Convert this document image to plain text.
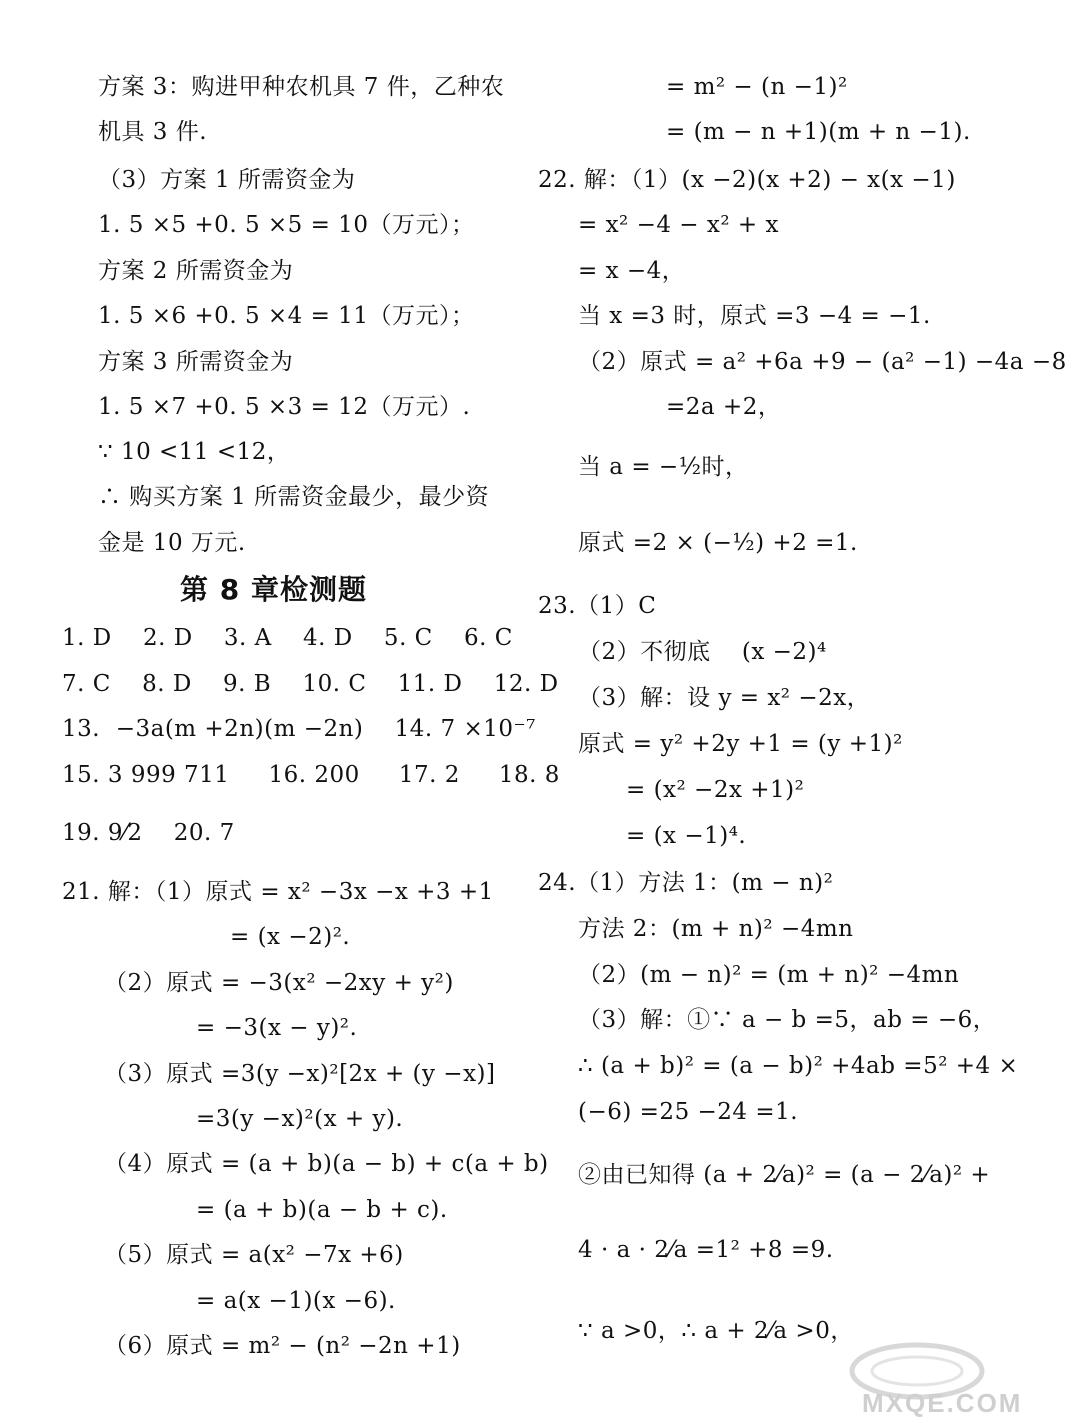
方案 3：购进甲种农机具 7 件，乙种农
机具 3 件.
（3）方案 1 所需资金为
1. 5 ×5 +0. 5 ×5 = 10（万元）；
方案 2 所需资金为
1. 5 ×6 +0. 5 ×4 = 11（万元）；
方案 3 所需资金为
1. 5 ×7 +0. 5 ×3 = 12（万元）.
∵ 10 <11 <12，
∴ 购买方案 1 所需资金最少，最少资
金是 10 万元.
1. D    2. D    3. A    4. D    5. C    6. C
7. C    8. D    9. B    10. C    11. D    12. D
13.  −3a(m +2n)(m −2n)    14. 7 ×10⁻⁷
15. 3 999 711     16. 200     17. 2     18. 8
19. 9⁄2    20. 7
21. 解：（1）原式 = x² −3x −x +3 +1
= (x −2)².
（2）原式 = −3(x² −2xy + y²)
= −3(x − y)².
（3）原式 =3(y −x)²[2x + (y −x)]
=3(y −x)²(x + y).
（4）原式 = (a + b)(a − b) + c(a + b)
= (a + b)(a − b + c).
（5）原式 = a(x² −7x +6)
= a(x −1)(x −6).
（6）原式 = m² − (n² −2n +1)
= m² − (n −1)²
= (m − n +1)(m + n −1).
22. 解：（1）(x −2)(x +2) − x(x −1)
= x² −4 − x² + x
= x −4，
当 x =3 时，原式 =3 −4 = −1.
（2）原式 = a² +6a +9 − (a² −1) −4a −8
=2a +2，
当 a = −½时，
原式 =2 × (−½) +2 =1.
23.（1）C
（2）不彻底    (x −2)⁴
（3）解：设 y = x² −2x，
原式 = y² +2y +1 = (y +1)²
= (x² −2x +1)²
= (x −1)⁴.
24.（1）方法 1：(m − n)²
方法 2：(m + n)² −4mn
（2）(m − n)² = (m + n)² −4mn
（3）解：①∵ a − b =5，ab = −6，
∴ (a + b)² = (a − b)² +4ab =5² +4 ×
(−6) =25 −24 =1.
②由已知得 (a + 2⁄a)² = (a − 2⁄a)² +
4 · a · 2⁄a =1² +8 =9.
∵ a >0，∴ a + 2⁄a >0，
第 8 章检测题
MXQE.COM
